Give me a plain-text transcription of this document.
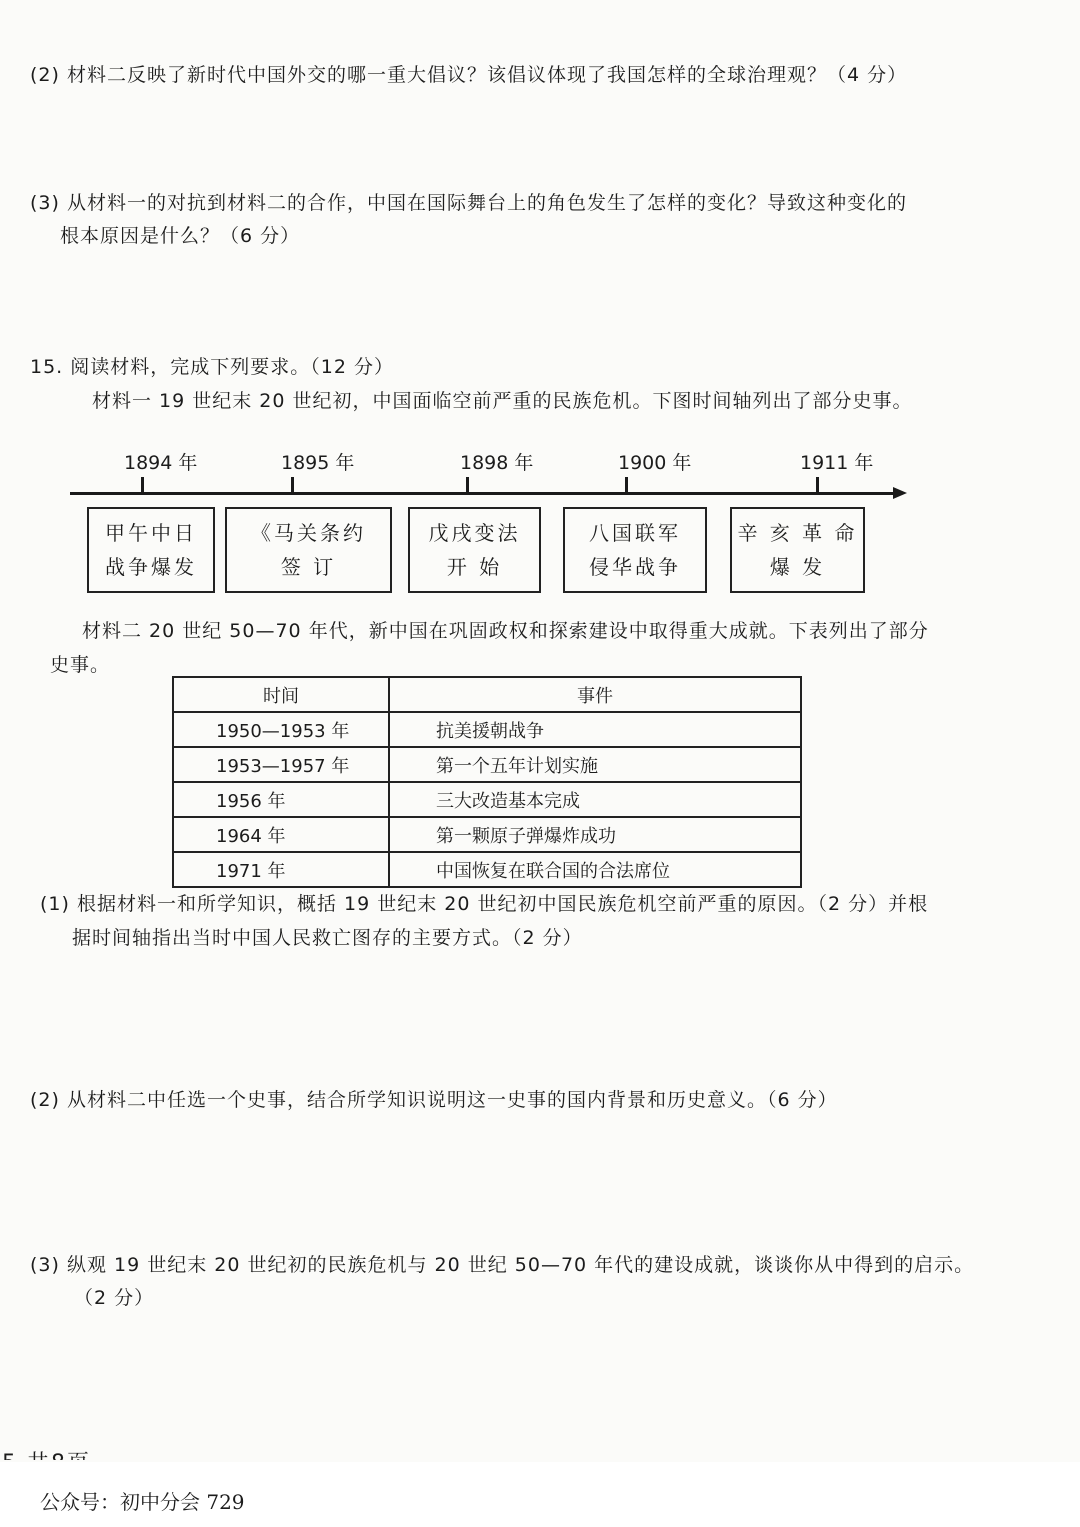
(2) 材料二反映了新时代中国外交的哪一重大倡议？该倡议体现了我国怎样的全球治理观？（4 分）
(3) 从材料一的对抗到材料二的合作，中国在国际舞台上的角色发生了怎样的变化？导致这种变化的
根本原因是什么？（6 分）
15. 阅读材料，完成下列要求。（12 分）
材料一 19 世纪末 20 世纪初，中国面临空前严重的民族危机。下图时间轴列出了部分史事。
1894 年	1895 年	1898 年	1900 年	1911 年
甲午中日
战争爆发
《马关条约
签 订
戊戌变法
开 始
八国联军
侵华战争
辛 亥 革 命
爆 发
材料二 20 世纪 50—70 年代，新中国在巩固政权和探索建设中取得重大成就。下表列出了部分
史事。
时间	事件
1950—1953 年	抗美援朝战争
1953—1957 年	第一个五年计划实施
1956 年	三大改造基本完成
1964 年	第一颗原子弹爆炸成功
1971 年	中国恢复在联合国的合法席位
(1) 根据材料一和所学知识，概括 19 世纪末 20 世纪初中国民族危机空前严重的原因。（2 分）并根
据时间轴指出当时中国人民救亡图存的主要方式。（2 分）
(2) 从材料二中任选一个史事，结合所学知识说明这一史事的国内背景和历史意义。（6 分）
(3) 纵观 19 世纪末 20 世纪初的民族危机与 20 世纪 50—70 年代的建设成就，谈谈你从中得到的启示。
（2 分）
公众号：初中分会 729
